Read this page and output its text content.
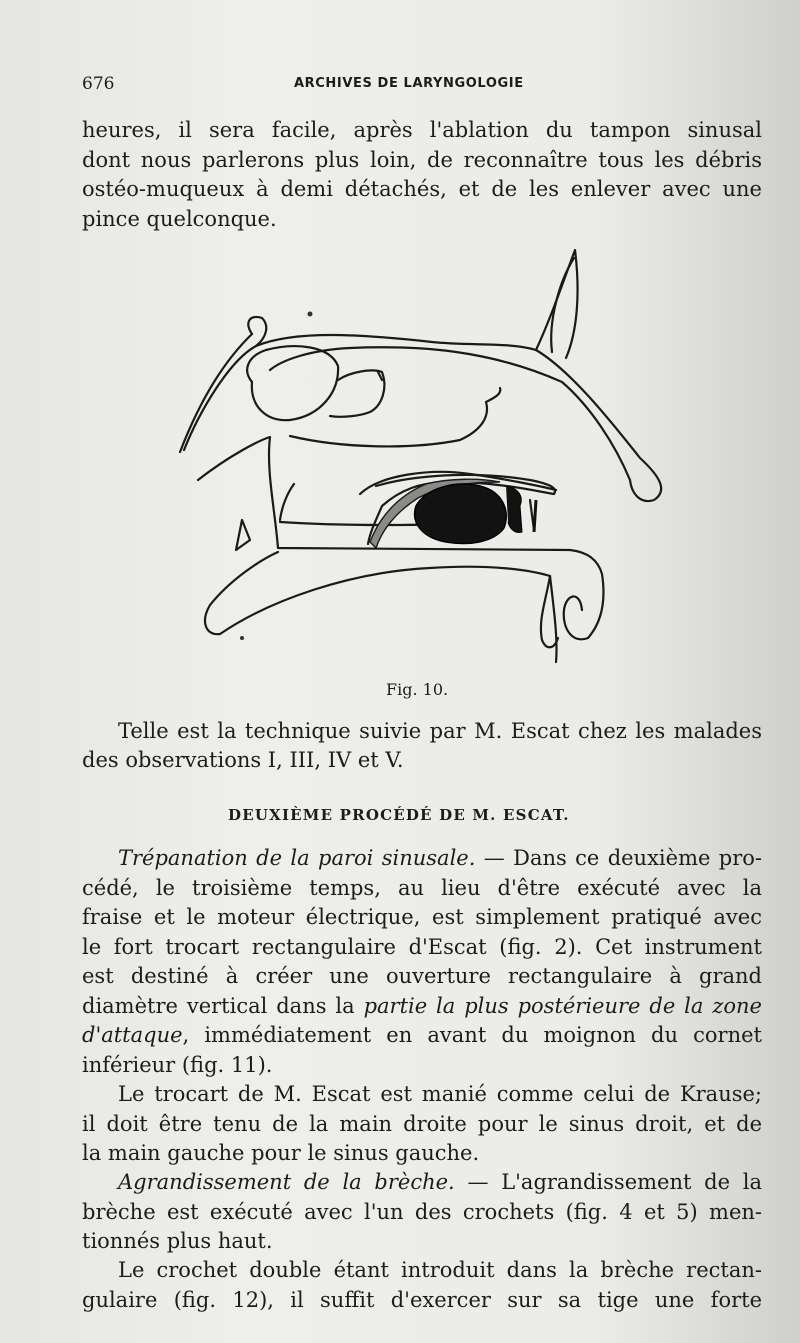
676	ARCHIVES DE LARYNGOLOGIE

heures, il sera facile, après l'ablation du tampon sinusal
dont nous parlerons plus loin, de reconnaître tous les débris
ostéo-muqueux à demi détachés, et de les enlever avec une
pince quelconque.

Fig. 10.

Telle est la technique suivie par M. Escat chez les malades

des observations I, III, IV et V.

DEUXIÈME PROCÉDÉ DE M. ESCAT.

Trépanation de la paroi sinusale. — Dans ce deuxième pro-
cédé, le troisième temps, au lieu d'être exécuté avec la
fraise et le moteur électrique, est simplement pratiqué avec
le fort trocart rectangulaire d'Escat (fig. 2). Cet instrument
est destiné à créer une ouverture rectangulaire à grand
diamètre vertical dans la partie la plus postérieure de la zone
d'attaque, immédiatement en avant du moignon du cornet
inférieur (fig. 11).

Le trocart de M. Escat est manié comme celui de Krause;
il doit être tenu de la main droite pour le sinus droit, et de
la main gauche pour le sinus gauche.

Agrandissement de la brèche. — L'agrandissement de la
brèche est exécuté avec l'un des crochets (fig. 4 et 5) men-
tionnés plus haut.

Le crochet double étant introduit dans la brèche rectan-
gulaire (fig. 12), il suffit d'exercer sur sa tige une forte
